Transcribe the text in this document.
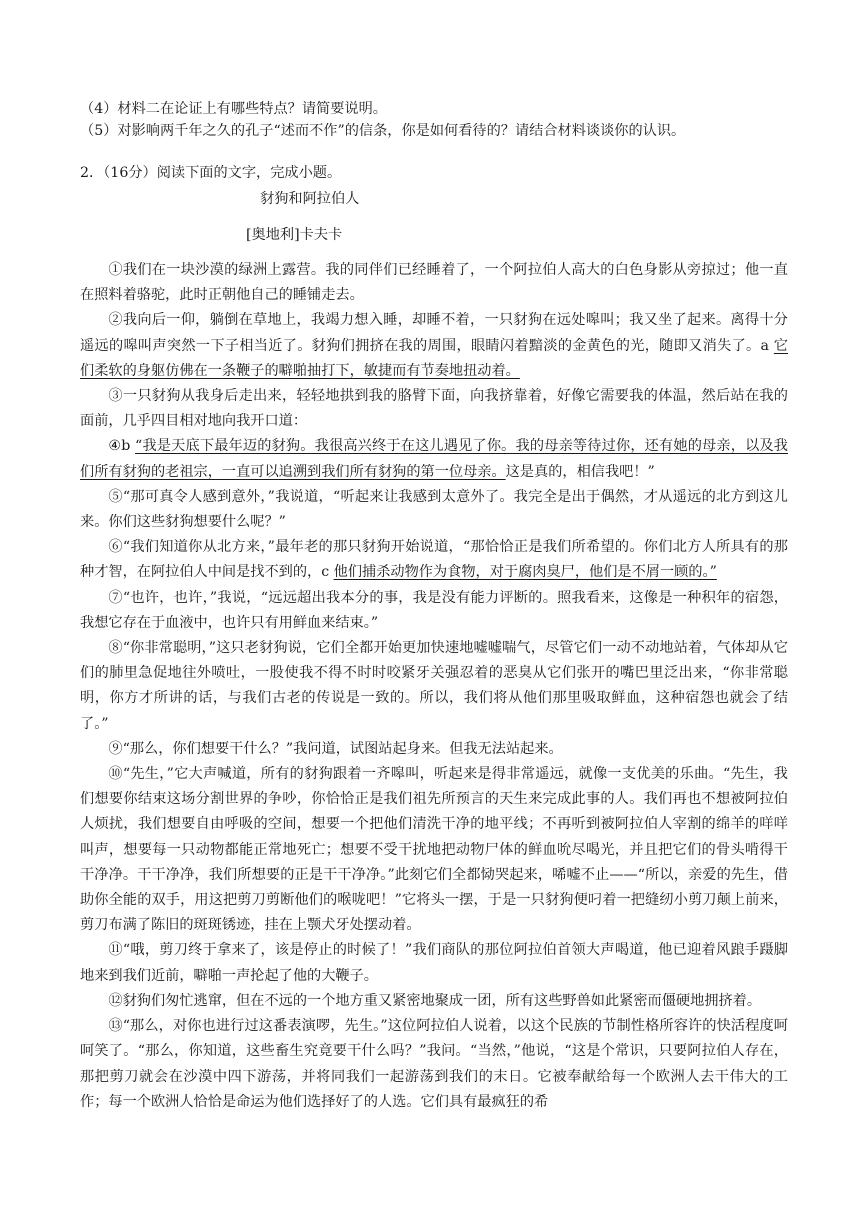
（4）材料二在论证上有哪些特点？请简要说明。

（5）对影响两千年之久的孔子“述而不作”的信条，你是如何看待的？请结合材料谈谈你的认识。

2．（16分）阅读下面的文字，完成小题。

豺狗和阿拉伯人

[奥地利]卡夫卡

①我们在一块沙漠的绿洲上露营。我的同伴们已经睡着了，一个阿拉伯人高大的白色身影从旁掠过；他一直在照料着骆驼，此时正朝他自己的睡铺走去。

②我向后一仰，躺倒在草地上，我竭力想入睡，却睡不着，一只豺狗在远处嗥叫；我又坐了起来。离得十分遥远的嗥叫声突然一下子相当近了。豺狗们拥挤在我的周围，眼睛闪着黯淡的金黄色的光，随即又消失了。a 它们柔软的身躯仿佛在一条鞭子的噼啪抽打下，敏捷而有节奏地扭动着。

③一只豺狗从我身后走出来，轻轻地拱到我的胳臂下面，向我挤靠着，好像它需要我的体温，然后站在我的面前，几乎四目相对地向我开口道：

④b “我是天底下最年迈的豺狗。我很高兴终于在这儿遇见了你。我的母亲等待过你，还有她的母亲，以及我们所有豺狗的老祖宗，一直可以追溯到我们所有豺狗的第一位母亲。这是真的，相信我吧！”

⑤“那可真令人感到意外，”我说道，“听起来让我感到太意外了。我完全是出于偶然，才从遥远的北方到这儿来。你们这些豺狗想要什么呢？”

⑥“我们知道你从北方来，”最年老的那只豺狗开始说道，“那恰恰正是我们所希望的。你们北方人所具有的那种才智，在阿拉伯人中间是找不到的，c 他们捕杀动物作为食物，对于腐肉臭尸，他们是不屑一顾的。”

⑦“也许，也许，”我说，“远远超出我本分的事，我是没有能力评断的。照我看来，这像是一种积年的宿怨，我想它存在于血液中，也许只有用鲜血来结束。”

⑧“你非常聪明，”这只老豺狗说，它们全都开始更加快速地嘘嘘喘气，尽管它们一动不动地站着，气体却从它们的肺里急促地往外喷吐，一股使我不得不时时咬紧牙关强忍着的恶臭从它们张开的嘴巴里泛出来，“你非常聪明，你方才所讲的话，与我们古老的传说是一致的。所以，我们将从他们那里吸取鲜血，这种宿怨也就会了结了。”

⑨“那么，你们想要干什么？”我问道，试图站起身来。但我无法站起来。

⑩“先生，”它大声喊道，所有的豺狗跟着一齐嗥叫，听起来是得非常遥远，就像一支优美的乐曲。“先生，我们想要你结束这场分割世界的争吵，你恰恰正是我们祖先所预言的天生来完成此事的人。我们再也不想被阿拉伯人烦扰，我们想要自由呼吸的空间，想要一个把他们清洗干净的地平线；不再听到被阿拉伯人宰割的绵羊的咩咩叫声，想要每一只动物都能正常地死亡；想要不受干扰地把动物尸体的鲜血吮尽喝光，并且把它们的骨头啃得干干净净。干干净净，我们所想要的正是干干净净。”此刻它们全都恸哭起来，唏嘘不止——“所以，亲爱的先生，借助你全能的双手，用这把剪刀剪断他们的喉咙吧！”它将头一摆，于是一只豺狗便叼着一把缝纫小剪刀颠上前来，剪刀布满了陈旧的斑斑锈迹，挂在上颚犬牙处摆动着。

⑪“哦，剪刀终于拿来了，该是停止的时候了！”我们商队的那位阿拉伯首领大声喝道，他已迎着风踉手蹑脚地来到我们近前，噼啪一声抡起了他的大鞭子。

⑫豺狗们匆忙逃窜，但在不远的一个地方重又紧密地聚成一团，所有这些野兽如此紧密而僵硬地拥挤着。

⑬“那么，对你也进行过这番表演啰，先生。”这位阿拉伯人说着，以这个民族的节制性格所容许的快活程度呵呵笑了。“那么，你知道，这些畜生究竟要干什么吗？”我问。“当然，”他说，“这是个常识，只要阿拉伯人存在，那把剪刀就会在沙漠中四下游荡，并将同我们一起游荡到我们的末日。它被奉献给每一个欧洲人去干伟大的工作；每一个欧洲人恰恰是命运为他们选择好了的人选。它们具有最疯狂的希
